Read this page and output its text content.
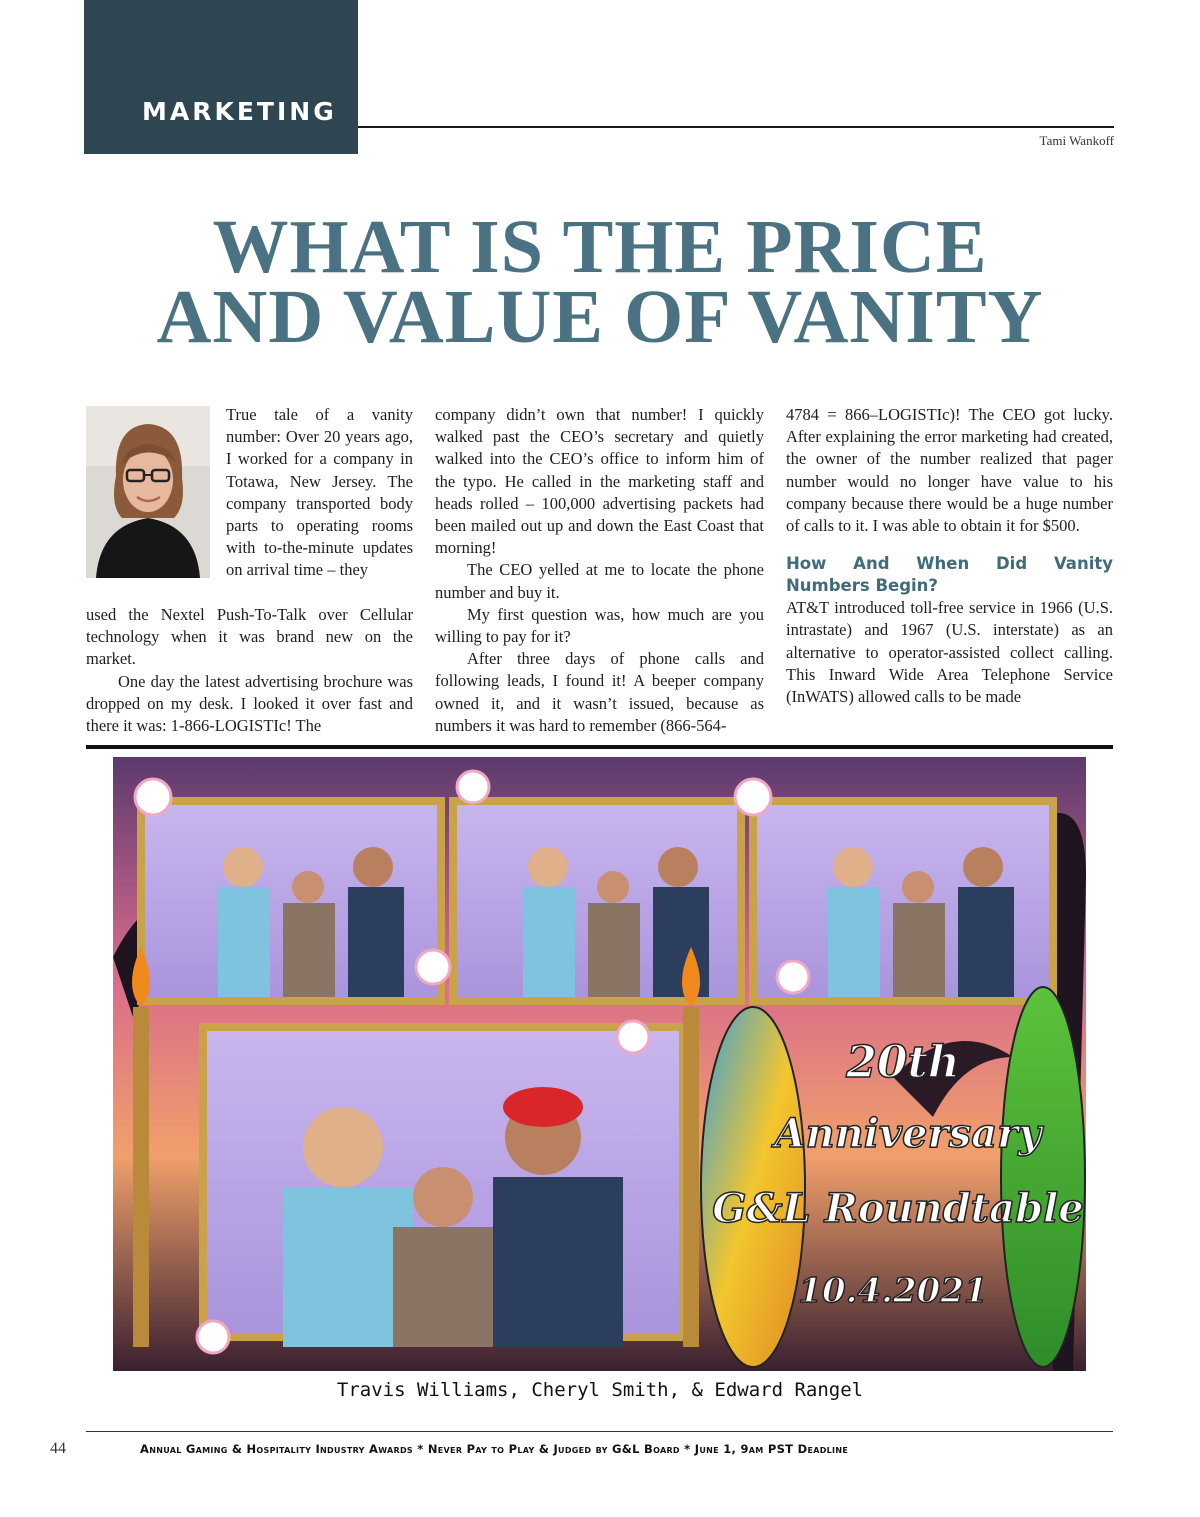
MARKETING
Tami Wankoff
WHAT IS THE PRICE
AND VALUE OF VANITY

True tale of a vanity number: Over 20 years ago, I worked for a company in Totawa, New Jersey. The company transported body parts to operating rooms with to-the-minute updates on arrival time – they

used the Nextel Push-To-Talk over Cellular technology when it was brand new on the market.

One day the latest advertising brochure was dropped on my desk. I looked it over fast and there it was: 1-866-LOGISTIc! The

company didn’t own that number! I quickly walked past the CEO’s secretary and quietly walked into the CEO’s office to inform him of the typo. He called in the marketing staff and heads rolled – 100,000 advertising packets had been mailed out up and down the East Coast that morning!

The CEO yelled at me to locate the phone number and buy it.

My first question was, how much are you willing to pay for it?

After three days of phone calls and following leads, I found it! A beeper company owned it, and it wasn’t issued, because as numbers it was hard to remember (866-564-

4784 = 866–LOGISTIc)! The CEO got lucky. After explaining the error marketing had created, the owner of the number realized that pager number would no longer have value to his company because there would be a huge number of calls to it. I was able to obtain it for $500.

How And When Did Vanity Numbers Begin?

AT&T introduced toll-free service in 1966 (U.S. intrastate) and 1967 (U.S. interstate) as an alternative to operator-assisted collect calling. This Inward Wide Area Telephone Service (InWATS) allowed calls to be made

20th
Anniversary
G&L Roundtable
10.4.2021
Travis Williams, Cheryl Smith, & Edward Rangel
44	Annual Gaming & Hospitality Industry Awards * Never Pay to Play & Judged by G&L Board * June 1, 9am PST Deadline
